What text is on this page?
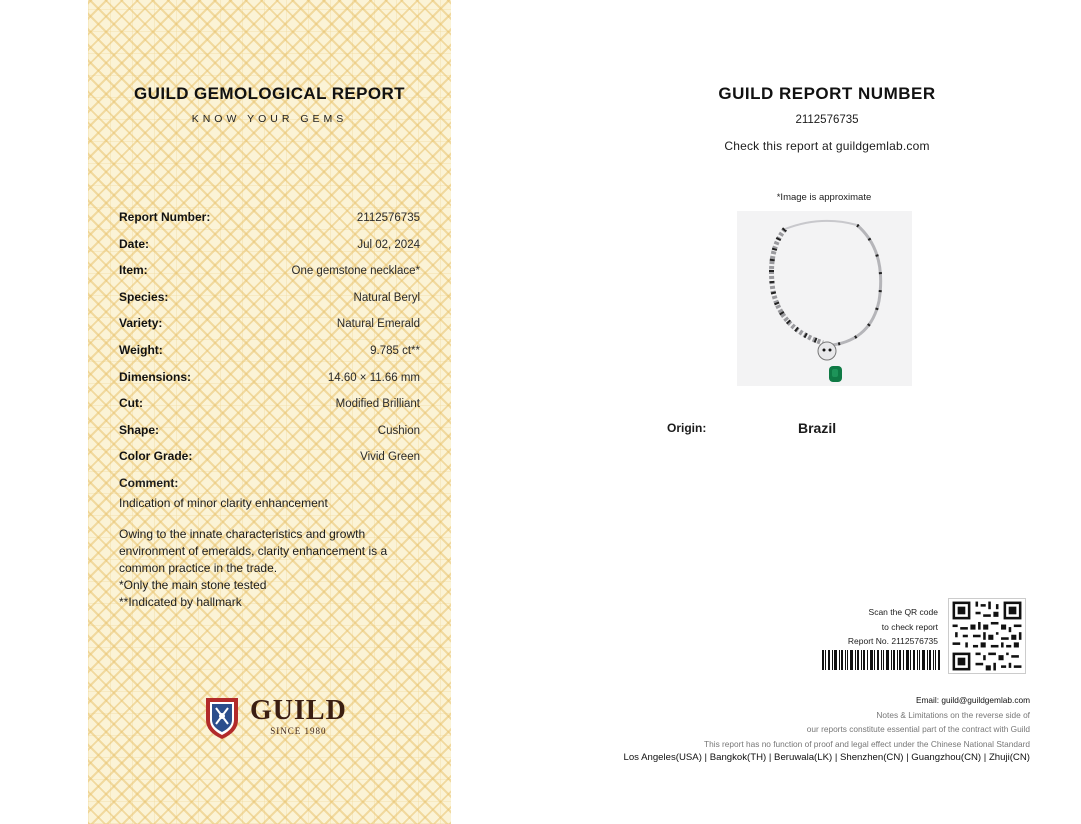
GUILD GEMOLOGICAL REPORT
KNOW YOUR GEMS
Report Number:	2112576735
Date:	Jul 02, 2024
Item:	One gemstone necklace*
Species:	Natural Beryl
Variety:	Natural Emerald
Weight:	9.785 ct**
Dimensions:	14.60 × 11.66 mm
Cut:	Modified Brilliant
Shape:	Cushion
Color Grade:	Vivid Green
Comment:
Indication of minor clarity enhancement
Owing to the innate characteristics and growth environment of emeralds, clarity enhancement is a common practice in the trade.
*Only the main stone tested
**Indicated by hallmark
GUILD
SINCE 1980
GUILD REPORT NUMBER
2112576735
Check this report at guildgemlab.com
*Image is approximate
Origin:	Brazil
Scan the QR code
to check report
Report No. 2112576735
Email: guild@guildgemlab.com
Notes & Limitations on the reverse side of
our reports constitute essential part of the contract with Guild
This report has no function of proof and legal effect under the Chinese National Standard
Los Angeles(USA) | Bangkok(TH) | Beruwala(LK) | Shenzhen(CN) | Guangzhou(CN) | Zhuji(CN)
